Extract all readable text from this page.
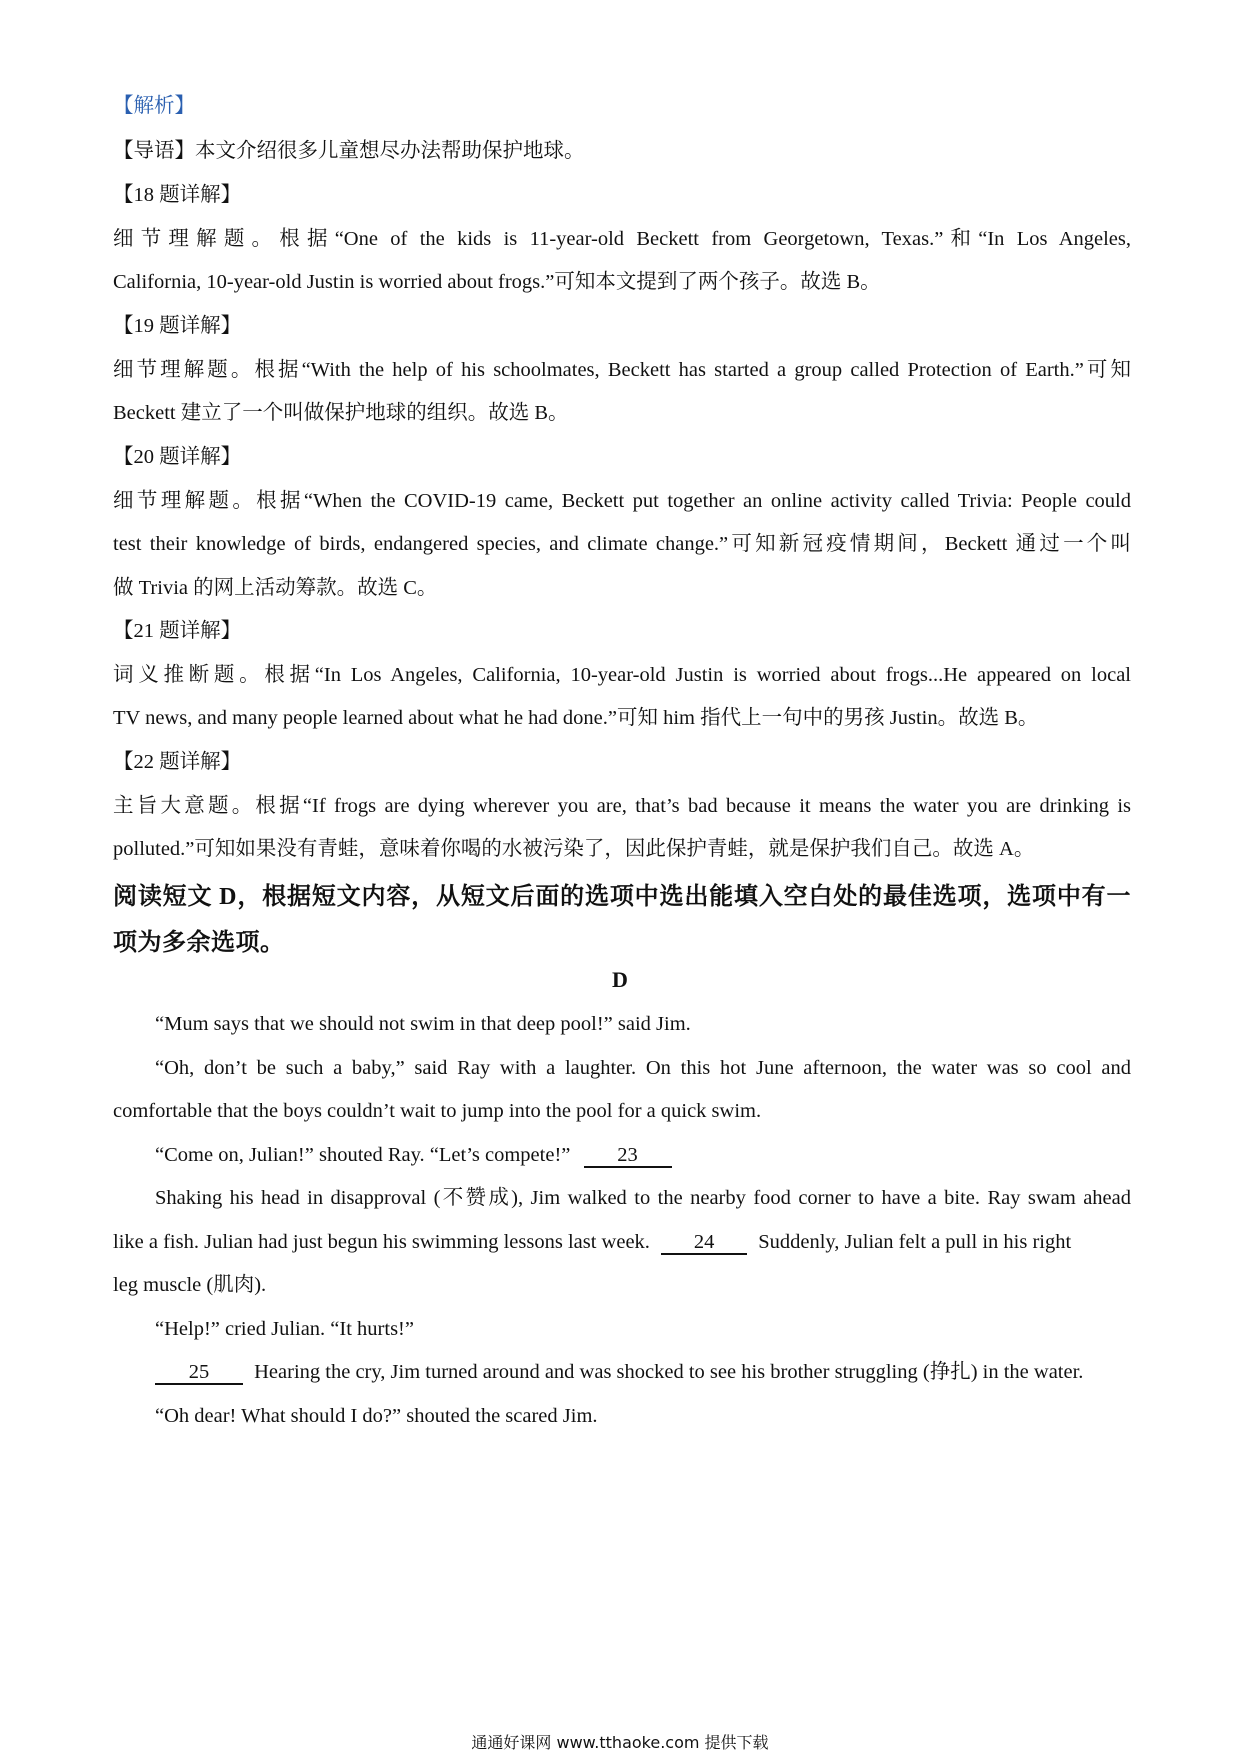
【解析】
【导语】本文介绍很多儿童想尽办法帮助保护地球。
【18 题详解】
细节理解题。根据“One of the kids is 11-year-old Beckett from Georgetown, Texas.”和“In Los Angeles,
California, 10-year-old Justin is worried about frogs.”可知本文提到了两个孩子。故选 B。
【19 题详解】
细节理解题。根据“With the help of his schoolmates, Beckett has started a group called Protection of Earth.”可知
Beckett 建立了一个叫做保护地球的组织。故选 B。
【20 题详解】
细节理解题。根据“When the COVID-19 came, Beckett put together an online activity called Trivia: People could
test their knowledge of birds, endangered species, and climate change.”可知新冠疫情期间，Beckett 通过一个叫
做 Trivia 的网上活动筹款。故选 C。
【21 题详解】
词义推断题。根据“In Los Angeles, California, 10-year-old Justin is worried about frogs...He appeared on local
TV news, and many people learned about what he had done.”可知 him 指代上一句中的男孩 Justin。故选 B。
【22 题详解】
主旨大意题。根据“If frogs are dying wherever you are, that’s bad because it means the water you are drinking is
polluted.”可知如果没有青蛙，意味着你喝的水被污染了，因此保护青蛙，就是保护我们自己。故选 A。
阅读短文 D，根据短文内容，从短文后面的选项中选出能填入空白处的最佳选项，选项中有一
项为多余选项。
D
“Mum says that we should not swim in that deep pool!” said Jim.
“Oh, don’t be such a baby,” said Ray with a laughter. On this hot June afternoon, the water was so cool and
comfortable that the boys couldn’t wait to jump into the pool for a quick swim.
“Come on, Julian!” shouted Ray. “Let’s compete!” 23
Shaking his head in disapproval (不赞成), Jim walked to the nearby food corner to have a bite. Ray swam ahead
like a fish. Julian had just begun his swimming lessons last week. 24 Suddenly, Julian felt a pull in his right
leg muscle (肌肉).
“Help!” cried Julian. “It hurts!”
25 Hearing the cry, Jim turned around and was shocked to see his brother struggling (挣扎) in the water.
“Oh dear! What should I do?” shouted the scared Jim.
通通好课网 www.tthaoke.com 提供下载
